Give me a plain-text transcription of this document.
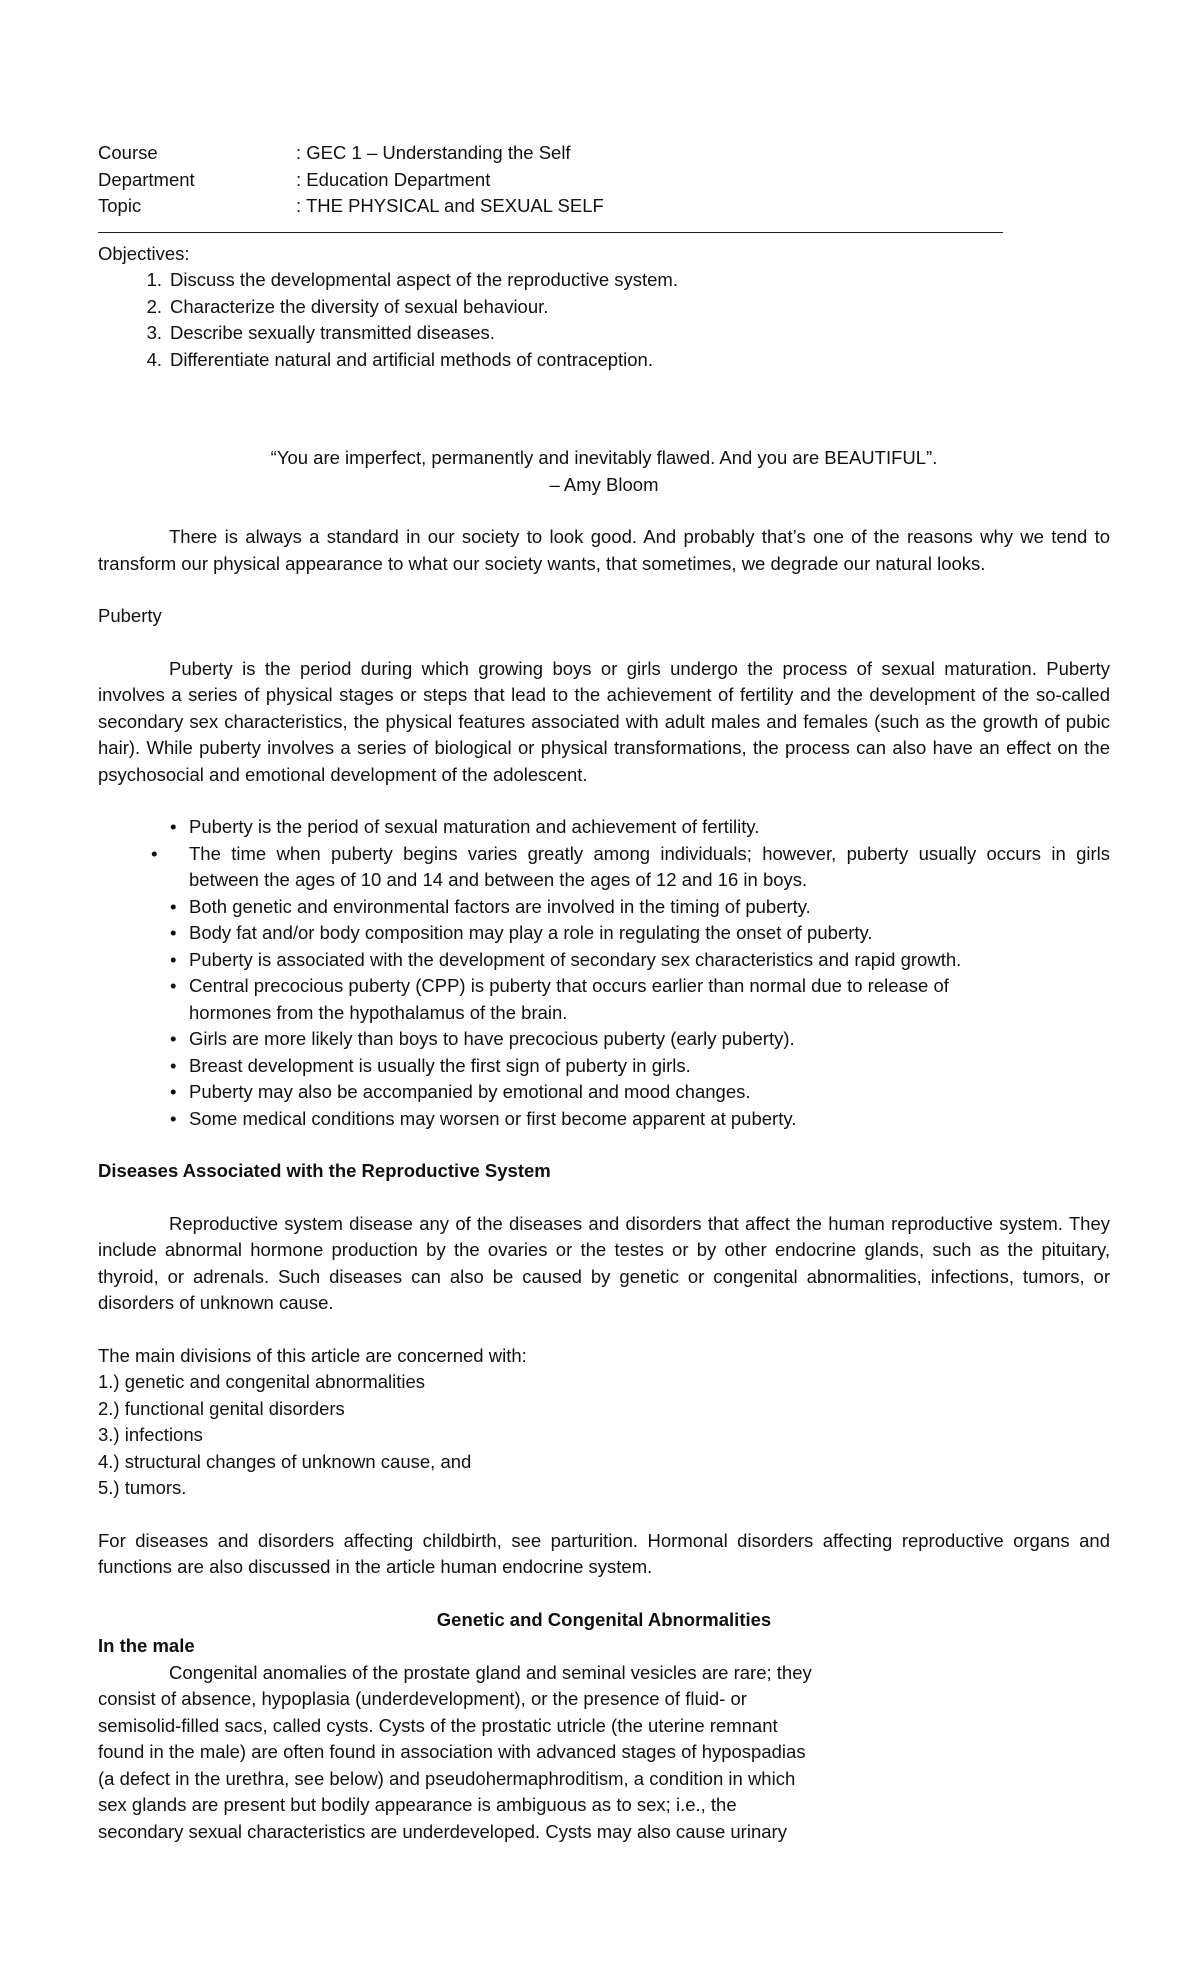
Course	: GEC 1 – Understanding the Self
Department	: Education Department
Topic	: THE PHYSICAL and SEXUAL SELF
Objectives:
1. Discuss the developmental aspect of the reproductive system.
2. Characterize the diversity of sexual behaviour.
3. Describe sexually transmitted diseases.
4. Differentiate natural and artificial methods of contraception.
“You are imperfect, permanently and inevitably flawed. And you are BEAUTIFUL”.
– Amy Bloom

There is always a standard in our society to look good. And probably that’s one of the reasons why we tend to transform our physical appearance to what our society wants, that sometimes, we degrade our natural looks.

Puberty

Puberty is the period during which growing boys or girls undergo the process of sexual maturation. Puberty involves a series of physical stages or steps that lead to the achievement of fertility and the development of the so-called secondary sex characteristics, the physical features associated with adult males and females (such as the growth of pubic hair). While puberty involves a series of biological or physical transformations, the process can also have an effect on the psychosocial and emotional development of the adolescent.

• Puberty is the period of sexual maturation and achievement of fertility.
•	The time when puberty begins varies greatly among individuals; however, puberty usually occurs in girls between the ages of 10 and 14 and between the ages of 12 and 16 in boys.
• Both genetic and environmental factors are involved in the timing of puberty.
• Body fat and/or body composition may play a role in regulating the onset of puberty.
• Puberty is associated with the development of secondary sex characteristics and rapid growth.
• Central precocious puberty (CPP) is puberty that occurs earlier than normal due to release of hormones from the hypothalamus of the brain.
• Girls are more likely than boys to have precocious puberty (early puberty).
• Breast development is usually the first sign of puberty in girls.
• Puberty may also be accompanied by emotional and mood changes.
• Some medical conditions may worsen or first become apparent at puberty.
Diseases Associated with the Reproductive System

Reproductive system disease any of the diseases and disorders that affect the human reproductive system. They include abnormal hormone production by the ovaries or the testes or by other endocrine glands, such as the pituitary, thyroid, or adrenals. Such diseases can also be caused by genetic or congenital abnormalities, infections, tumors, or disorders of unknown cause.

The main divisions of this article are concerned with:
1.) genetic and congenital abnormalities
2.) functional genital disorders
3.) infections
4.) structural changes of unknown cause, and
5.) tumors.

For diseases and disorders affecting childbirth, see parturition. Hormonal disorders affecting reproductive organs and functions are also discussed in the article human endocrine system.

Genetic and Congenital Abnormalities
In the male
Congenital anomalies of the prostate gland and seminal vesicles are rare; they
consist of absence, hypoplasia (underdevelopment), or the presence of fluid- or
semisolid-filled sacs, called cysts. Cysts of the prostatic utricle (the uterine remnant
found in the male) are often found in association with advanced stages of hypospadias
(a defect in the urethra, see below) and pseudohermaphroditism, a condition in which
sex glands are present but bodily appearance is ambiguous as to sex; i.e., the
secondary sexual characteristics are underdeveloped. Cysts may also cause urinary
